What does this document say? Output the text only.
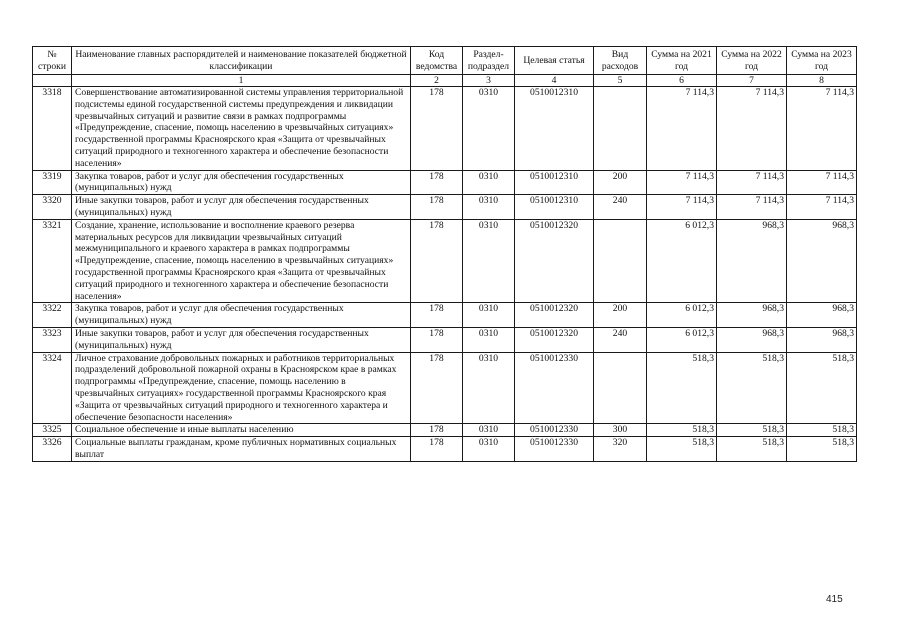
№ строки	Наименование главных распорядителей и наименование показателей бюджетной классификации	Код ведомства	Раздел-подраздел	Целевая статья	Вид расходов	Сумма на 2021 год	Сумма на 2022 год	Сумма на 2023 год
	1	2	3	4	5	6	7	8
3318	Совершенствование автоматизированной системы управления территориальной подсистемы единой государственной системы предупреждения и ликвидации чрезвычайных ситуаций и развитие связи в рамках подпрограммы «Предупреждение, спасение, помощь населению в чрезвычайных ситуациях» государственной программы Красноярского края «Защита от чрезвычайных ситуаций природного и техногенного характера и обеспечение безопасности населения»	178	0310	0510012310		7 114,3	7 114,3	7 114,3
3319	Закупка товаров, работ и услуг для обеспечения государственных (муниципальных) нужд	178	0310	0510012310	200	7 114,3	7 114,3	7 114,3
3320	Иные закупки товаров, работ и услуг для обеспечения государственных (муниципальных) нужд	178	0310	0510012310	240	7 114,3	7 114,3	7 114,3
3321	Создание, хранение, использование и восполнение краевого резерва материальных ресурсов для ликвидации чрезвычайных ситуаций межмуниципального и краевого характера в рамках подпрограммы «Предупреждение, спасение, помощь населению в чрезвычайных ситуациях» государственной программы Красноярского края «Защита от чрезвычайных ситуаций природного и техногенного характера и обеспечение безопасности населения»	178	0310	0510012320		6 012,3	968,3	968,3
3322	Закупка товаров, работ и услуг для обеспечения государственных (муниципальных) нужд	178	0310	0510012320	200	6 012,3	968,3	968,3
3323	Иные закупки товаров, работ и услуг для обеспечения государственных (муниципальных) нужд	178	0310	0510012320	240	6 012,3	968,3	968,3
3324	Личное страхование добровольных пожарных и работников территориальных подразделений добровольной пожарной охраны в Красноярском крае в рамках подпрограммы «Предупреждение, спасение, помощь населению в чрезвычайных ситуациях» государственной программы Красноярского края «Защита от чрезвычайных ситуаций природного и техногенного характера и обеспечение безопасности населения»	178	0310	0510012330		518,3	518,3	518,3
3325	Социальное обеспечение и иные выплаты населению	178	0310	0510012330	300	518,3	518,3	518,3
3326	Социальные выплаты гражданам, кроме публичных нормативных социальных выплат	178	0310	0510012330	320	518,3	518,3	518,3
415
